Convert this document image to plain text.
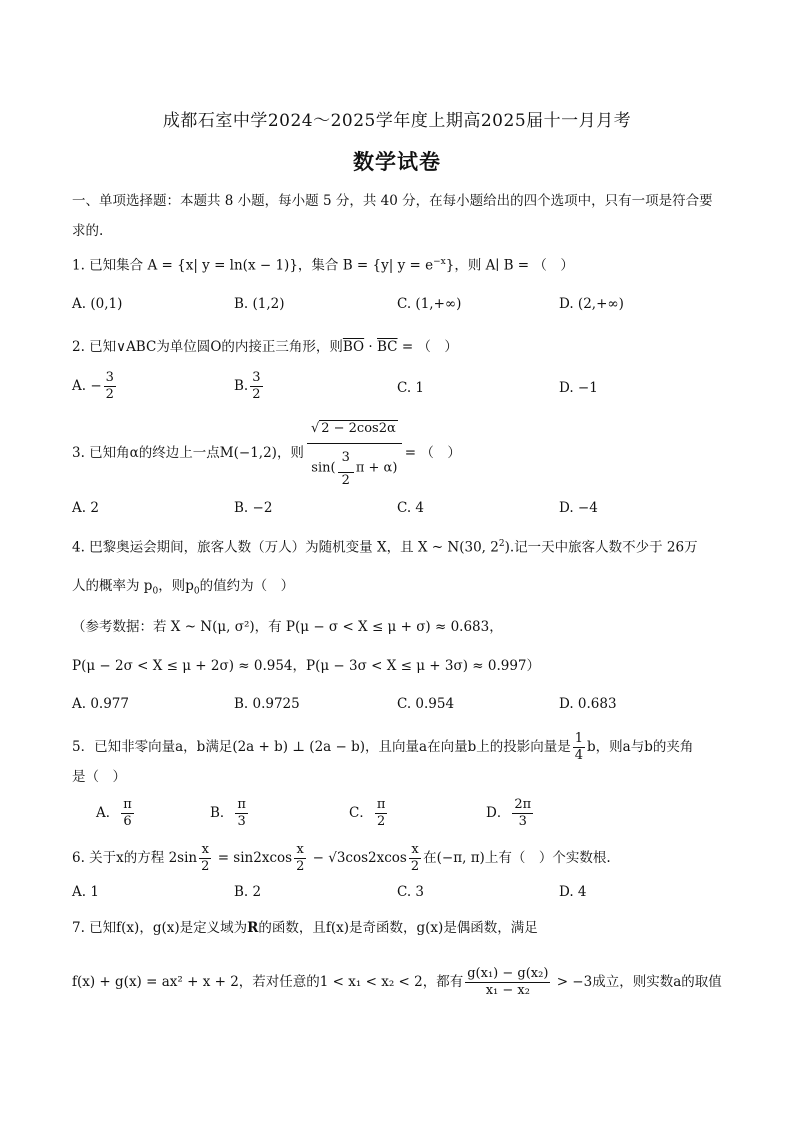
成都石室中学2024～2025学年度上期高2025届十一月月考
数学试卷
一、单项选择题：本题共 8 小题，每小题 5 分，共 40 分，在每小题给出的四个选项中，只有一项是符合要
求的.
1. 已知集合 A = {x| y = ln(x − 1)}，集合 B = {y| $y = e^{-x}$}，则 A∣ B = （　）
A. (0,1)	B. (1,2)	C. (1,+∞)	D. (2,+∞)
2. 已知∨ABC为单位圆O的内接正三角形，则$\overline{BO} \cdot \overline{BC}$ = （　）
A. − $\frac{3}{2}$	B. $\frac{3}{2}$	C. 1	D. −1
3. 已知角α的终边上一点M(−1,2)，则 $\frac{√ 2 - 2\cos 2\alpha}{\sin( \frac{3}{2} \pi + \alpha)}$ = （　）
A. 2	B. −2	C. 4	D. −4
4. 巴黎奥运会期间，旅客人数（万人）为随机变量 X，且 X ~ N(30, $2^2$).记一天中旅客人数不少于 26万
人的概率为 $p_0$，则$p_0$的值约为（　）
（参考数据：若 X ~ N(μ, σ²)，有 P(μ − σ < X ≤ μ + σ) ≈ 0.683，
P(μ − 2σ < X ≤ μ + 2σ) ≈ 0.954，P(μ − 3σ < X ≤ μ + 3σ) ≈ 0.997）
A. 0.977	B. 0.9725	C. 0.954	D. 0.683
5．已知非零向量a，b满足(2a + b) ⊥ (2a − b)，且向量a在向量b上的投影向量是 $\frac{1}{4}$ b，则a与b的夹角
是（　）
A． $\frac{\pi}{6}$	B． $\frac{\pi}{3}$	C． $\frac{\pi}{2}$	D． $\frac{2\pi}{3}$
6. 关于x的方程 $2\sin \frac{x}{2} = \sin 2xcos \frac{x}{2} - √3\cos 2xcos \frac{x}{2}$ 在(−π, π)上有（　）个实数根.
A. 1	B. 2	C. 3	D. 4
7. 已知f(x)，g(x)是定义域为R的函数，且f(x)是奇函数，g(x)是偶函数，满足
f(x) + g(x) = ax² + x + 2，若对任意的1 < x₁ < x₂ < 2，都有 $\frac{\text{g(x₁) − g(x₂)}}{\text{x₁ − x₂}} > -3$成立，则实数a的取值
